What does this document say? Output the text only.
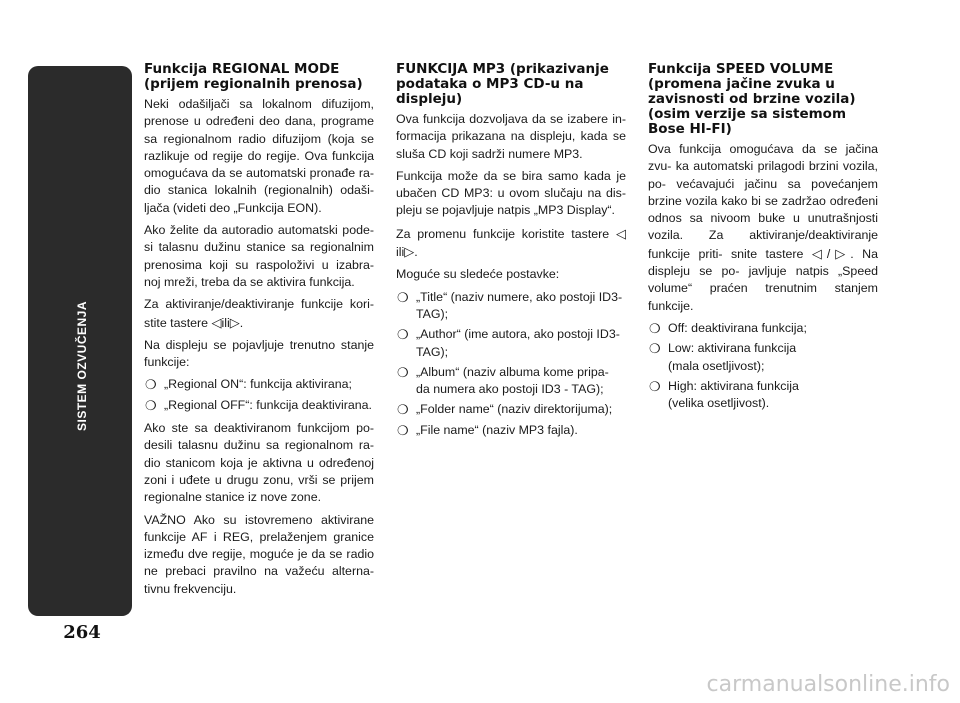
SISTEM OZVUČENJA
264
Funkcija REGIONAL MODE (prijem regionalnih prenosa)

Neki odašiljači sa lokalnom difuzijom, prenose u određeni deo dana, programe sa regionalnom radio difuzijom (koja se razlikuje od regije do regije. Ova funkcija omogućava da se automatski pronađe ra- dio stanica lokalnih (regionalnih) odaši- ljača (videti deo „Funkcija EON).

Ako želite da autoradio automatski pode- si talasnu dužinu stanice sa regionalnim prenosima koji su raspoloživi u izabra- noj mreži, treba da se aktivira funkcija.

Za aktiviranje/deaktiviranje funkcije kori- stite tastere ◁ili▷.

Na displeju se pojavljuje trenutno stanje funkcije:

❍ „Regional ON“: funkcija aktivirana;
❍ „Regional OFF“: funkcija deaktivirana.

Ako ste sa deaktiviranom funkcijom po- desili talasnu dužinu sa regionalnom ra- dio stanicom koja je aktivna u određenoj zoni i uđete u drugu zonu, vrši se prijem regionalne stanice iz nove zone.

VAŽNO Ako su istovremeno aktivirane funkcije AF i REG, prelaženjem granice između dve regije, moguće je da se radio ne prebaci pravilno na važeću alterna- tivnu frekvenciju.

FUNKCIJA MP3 (prikazivanje podataka o MP3 CD-u na displeju)

Ova funkcija dozvoljava da se izabere in- formacija prikazana na displeju, kada se sluša CD koji sadrži numere MP3.

Funkcija može da se bira samo kada je ubačen CD MP3: u ovom slučaju na dis- pleju se pojavljuje natpis „MP3 Display“.

Za promenu funkcije koristite tastere ◁ ili▷.

Moguće su sledeće postavke:

❍ „Title“ (naziv numere, ako postoji ID3-TAG);
❍ „Author“ (ime autora, ako postoji ID3-TAG);
❍ „Album“ (naziv albuma kome pripa- da numera ako postoji ID3 - TAG);
❍ „Folder name“ (naziv direktorijuma);
❍ „File name“ (naziv MP3 fajla).
Funkcija SPEED VOLUME (promena jačine zvuka u zavisnosti od brzine vozila) (osim verzije sa sistemom Bose HI-FI)

Ova funkcija omogućava da se jačina zvu- ka automatski prilagodi brzini vozila, po- većavajući jačinu sa povećanjem brzine vozila kako bi se zadržao određeni odnos sa nivoom buke u unutrašnjosti vozila. Za aktiviranje/deaktiviranje funkcije priti- snite tastere ◁/▷. Na displeju se po- javljuje natpis „Speed volume“ praćen trenutnim stanjem funkcije.

❍ Off: deaktivirana funkcija;
❍ Low: aktivirana funkcija
(mala osetljivost);
❍ High: aktivirana funkcija
(velika osetljivost).
carmanualsonline.info
